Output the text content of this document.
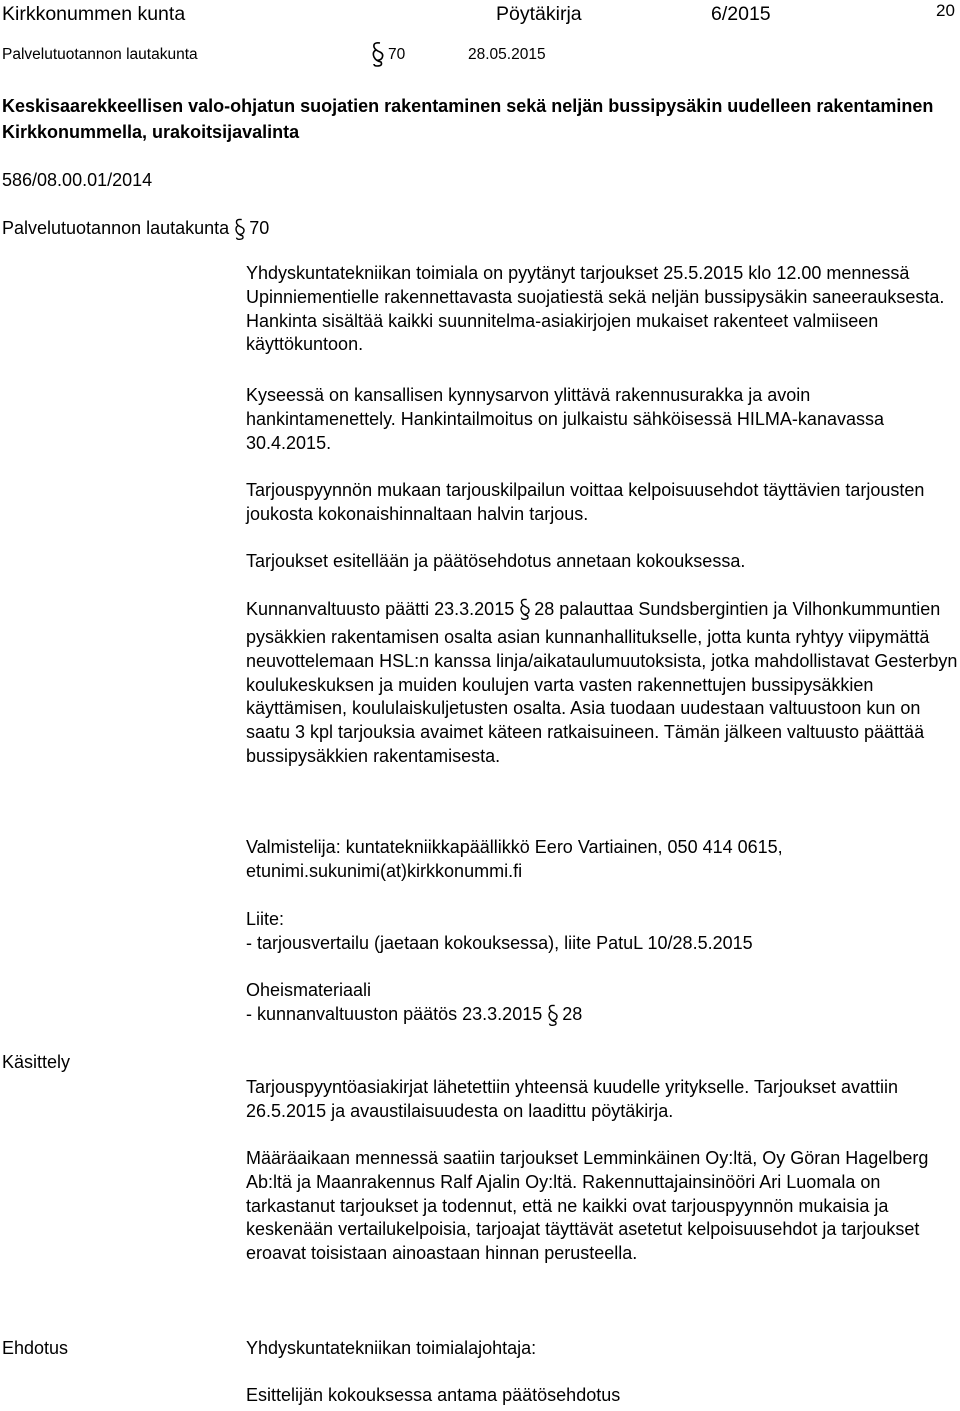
Kirkkonummen kunta	Pöytäkirja	6/2015	20
Palvelutuotannon lautakunta	70	28.05.2015
Keskisaarekkeellisen valo-ohjatun suojatien rakentaminen sekä neljän bussipysäkin uudelleen rakentaminen Kirkkonummella, urakoitsijavalinta
586/08.00.01/2014
Palvelutuotannon lautakunta 70

Yhdyskuntatekniikan toimiala on pyytänyt tarjoukset 25.5.2015 klo 12.00 mennessä Upinniementielle rakennettavasta suojatiestä sekä neljän bussipysäkin saneerauksesta. Hankinta sisältää kaikki suunnitelma-asiakirjojen mukaiset rakenteet valmiiseen käyttökuntoon.

Kyseessä on kansallisen kynnysarvon ylittävä rakennusurakka ja avoin hankintamenettely. Hankintailmoitus on julkaistu sähköisessä HILMA-kanavassa 30.4.2015.

Tarjouspyynnön mukaan tarjouskilpailun voittaa kelpoisuusehdot täyttävien tarjousten joukosta kokonaishinnaltaan halvin tarjous.

Tarjoukset esitellään ja päätösehdotus annetaan kokouksessa.

Kunnanvaltuusto päätti 23.3.2015 28 palauttaa Sundsbergintien ja Vilhonkummuntien pysäkkien rakentamisen osalta asian kunnanhallitukselle, jotta kunta ryhtyy viipymättä neuvottelemaan HSL:n kanssa linja/aikataulumuutoksista, jotka mahdollistavat Gesterbyn koulukeskuksen ja muiden koulujen varta vasten rakennettujen bussipysäkkien käyttämisen, koululaiskuljetusten osalta. Asia tuodaan uudestaan valtuustoon kun on saatu 3 kpl tarjouksia avaimet käteen ratkaisuineen. Tämän jälkeen valtuusto päättää bussipysäkkien rakentamisesta.

Valmistelija: kuntatekniikkapäällikkö Eero Vartiainen, 050 414 0615,
etunimi.sukunimi(at)kirkkonummi.fi
Liite:
- tarjousvertailu (jaetaan kokouksessa), liite PatuL 10/28.5.2015
Oheismateriaali
- kunnanvaltuuston päätös 23.3.2015 28
Käsittely

Tarjouspyyntöasiakirjat lähetettiin yhteensä kuudelle yritykselle. Tarjoukset avattiin 26.5.2015 ja avaustilaisuudesta on laadittu pöytäkirja.

Määräaikaan mennessä saatiin tarjoukset Lemminkäinen Oy:ltä, Oy Göran Hagelberg Ab:ltä ja Maanrakennus Ralf Ajalin Oy:ltä. Rakennuttajainsinööri Ari Luomala on tarkastanut tarjoukset ja todennut, että ne kaikki ovat tarjouspyynnön mukaisia ja keskenään vertailukelpoisia, tarjoajat täyttävät asetetut kelpoisuusehdot ja tarjoukset eroavat toisistaan ainoastaan hinnan perusteella.

Ehdotus	Yhdyskuntatekniikan toimialajohtaja:
Esittelijän kokouksessa antama päätösehdotus
